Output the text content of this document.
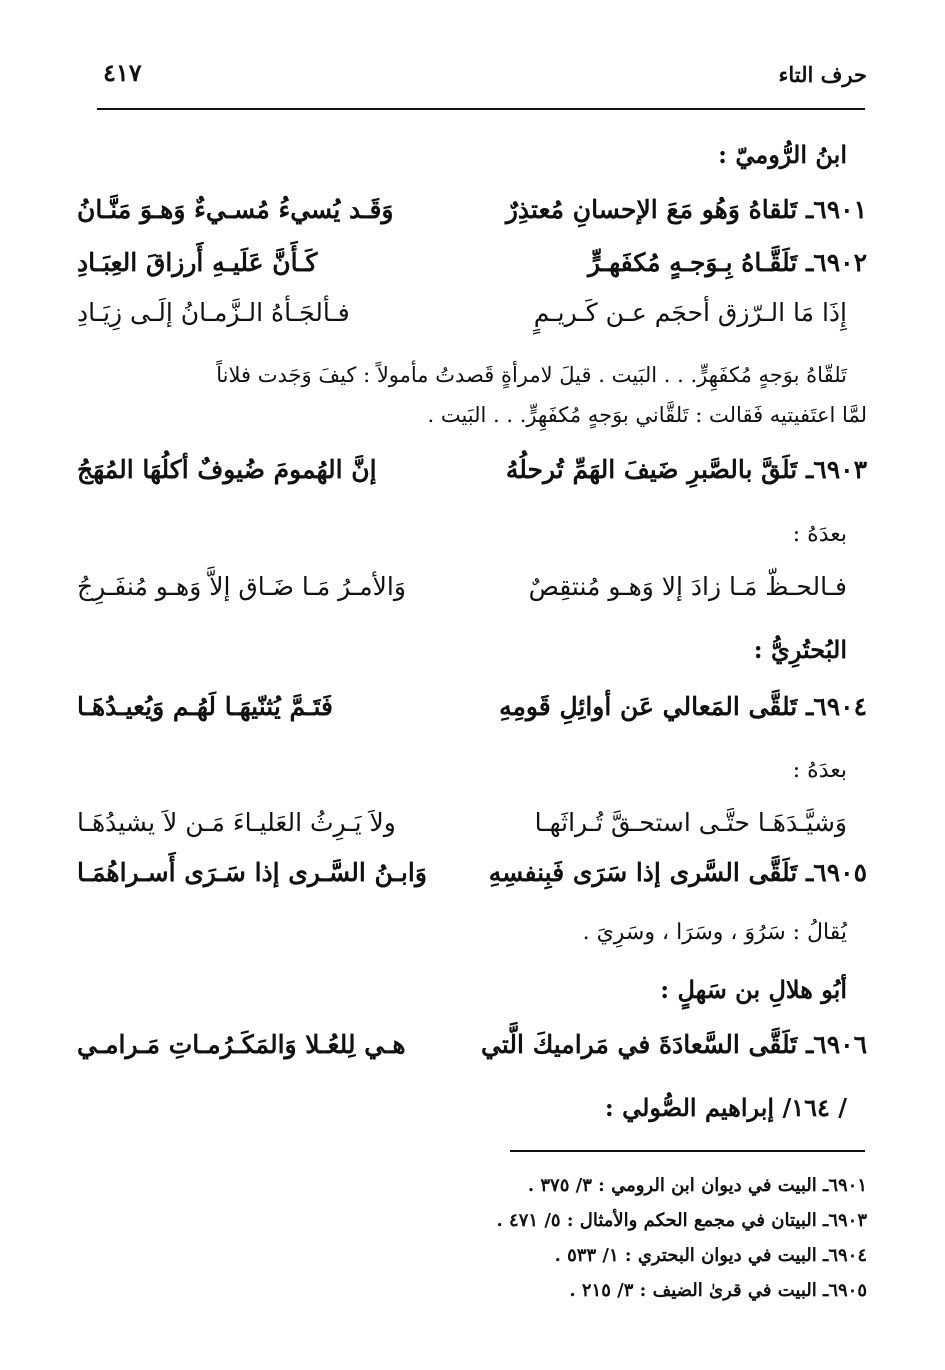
حرف التاء
٤١٧
ابنُ الرُّوميّ :
٦٩٠١ـ تَلقاهُ وَهُو مَعَ الإحسانِ مُعتذِرٌ
وَقَـد يُسيءُ مُسـيءٌ وَهـوَ مَنَّـانُ
٦٩٠٢ـ تَلَقَّـاهُ بِـوَجـهٍ مُكفَهـرٍّ
كَـأَنَّ عَلَيـهِ أَرزاقَ العِبَـادِ
إِذَا مَا الـرّزق أحجَم عـن كَـريـمٍ
فـألجَـأهُ الـزَّمـانُ إلَـى زِيَـادِ
تَلقّاهُ بوَجهٍ مُكفَهِرٍّ. . . البَيت . قيلَ لامرأةٍ قَصدتُ مأمولاً : كيفَ وَجَدت فلاناً
لمَّا اعتَفيتيه فَقالت : تَلقَّاني بوَجهٍ مُكفَهِرٍّ. . . البَيت .
٦٩٠٣ـ تَلَقَّ بالصَّبرِ ضَيفَ الهَمِّ تُرحلُهُ
إنَّ الهُمومَ ضُيوفٌ أكلُهَا المُهَجُ
بعدَهُ :
فـالحـظّ مَـا زادَ إلا وَهـو مُنتقِصٌ
وَالأمـرُ مَـا ضَـاق إلاَّ وَهـو مُنفَـرِجُ
البُحتُرِيُّ :
٦٩٠٤ـ تَلقَّى المَعالي عَن أوائِلِ قَومِهِ
فَتَـمَّ يُثنّيهَـا لَهُـم وَيُعيـدُهَـا
بعدَهُ :
وَشيَّـدَهَـا حتَّـى استحـقَّ تُـراثَهـا
ولاَ يَـرِثُ العَليـاءَ مَـن لاَ يشيدُهَـا
٦٩٠٥ـ تَلَقَّى السَّرى إذا سَرَى فَبِنفسِهِ
وَابـنُ السَّـرى إذا سَـرَى أَسـراهُمَـا
يُقالُ : سَرُوَ ، وسَرَا ، وسَرِيَ .
أبُو هلالِ بن سَهلٍ :
٦٩٠٦ـ تَلَقَّى السَّعادَةَ في مَراميكَ الَّتي
هـي لِلعُـلا وَالمَكَـرُمـاتِ مَـرامـي
/ ١٦٤/ إبراهيم الصُّولي :
٦٩٠١ـ البيت في ديوان ابن الرومي : ٣/ ٣٧٥ .
٦٩٠٣ـ البيتان في مجمع الحكم والأمثال : ٥/ ٤٧١ .
٦٩٠٤ـ البيت في ديوان البحتري : ١/ ٥٣٣ .
٦٩٠٥ـ البيت في قرىٰ الضيف : ٣/ ٢١٥ .
